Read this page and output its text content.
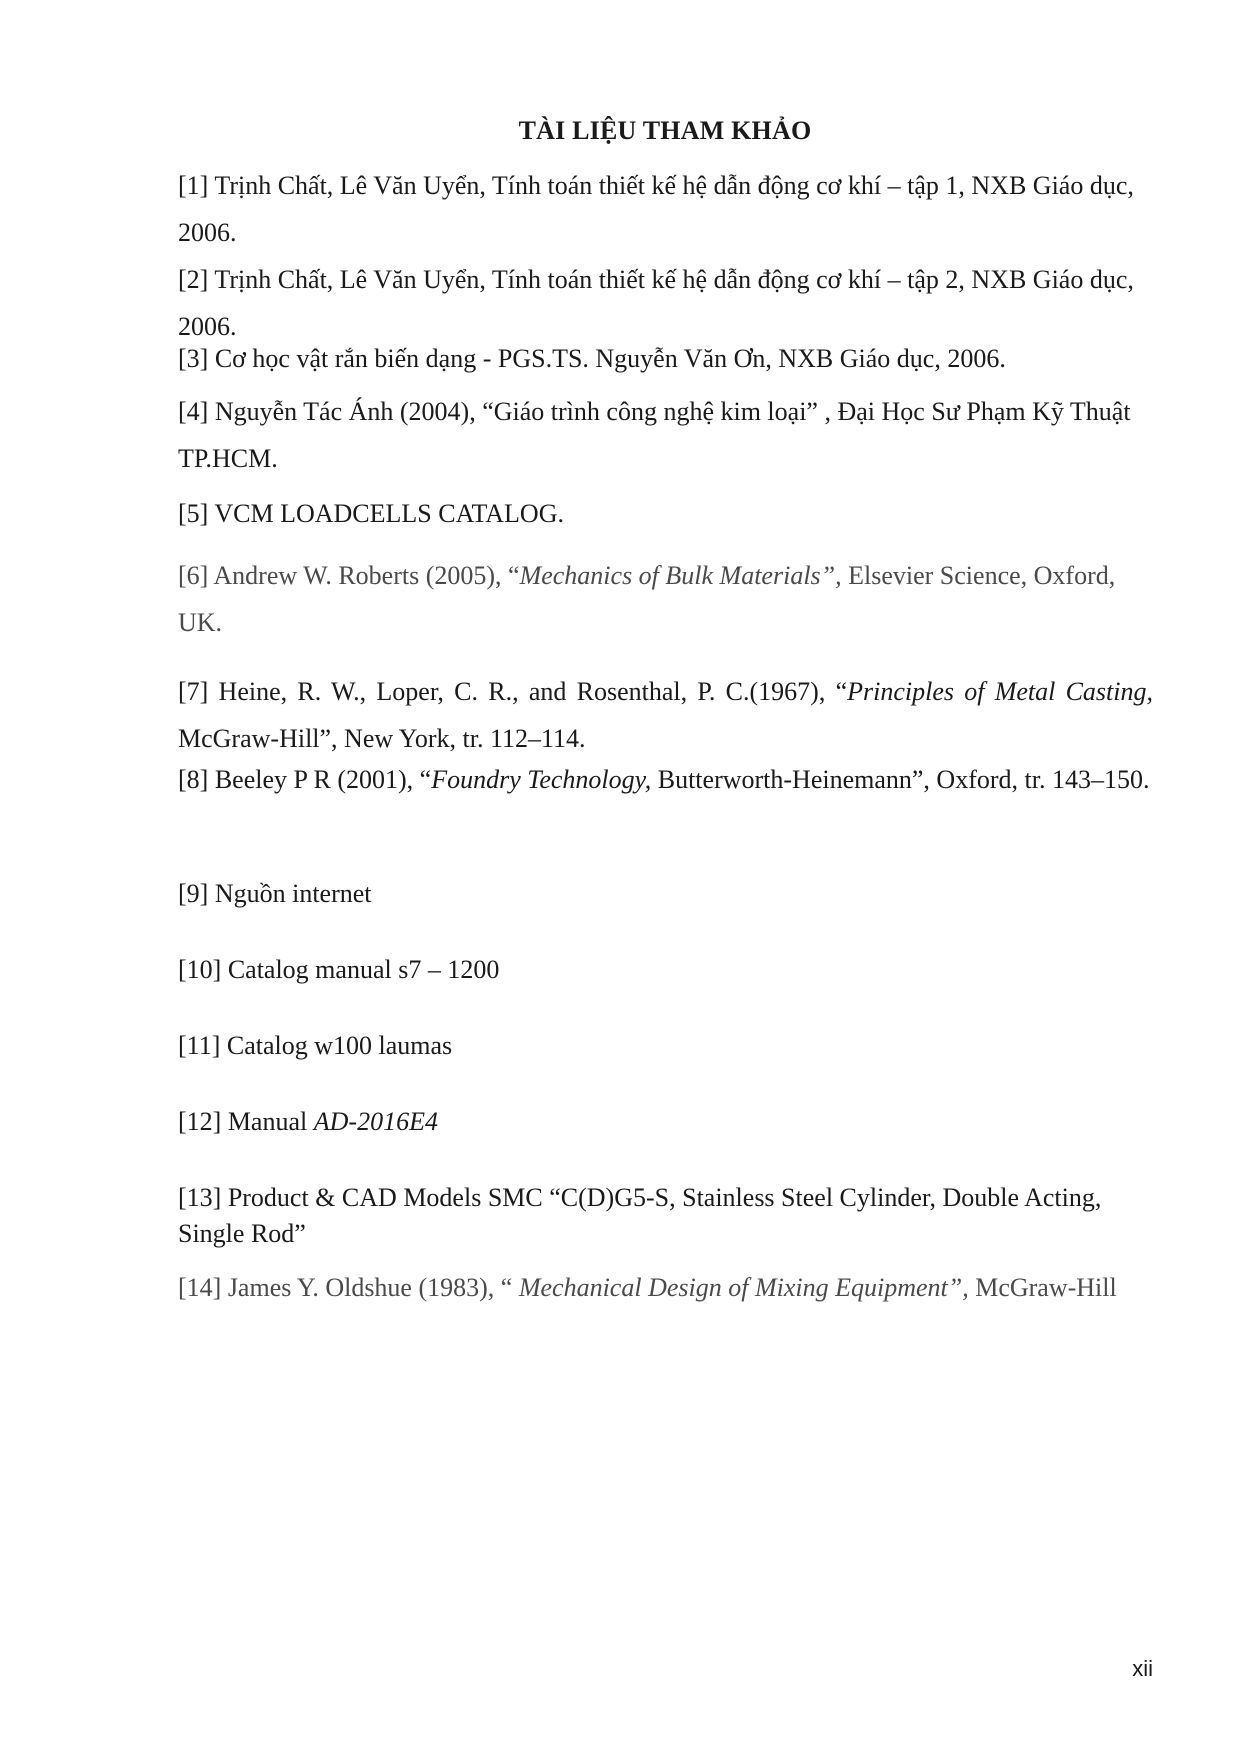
TÀI LIỆU THAM KHẢO
[1] Trịnh Chất, Lê Văn Uyển, Tính toán thiết kế hệ dẫn động cơ khí – tập 1, NXB Giáo dục, 2006.
[2] Trịnh Chất, Lê Văn Uyển, Tính toán thiết kế hệ dẫn động cơ khí – tập 2, NXB Giáo dục, 2006.
[3] Cơ học vật rắn biến dạng - PGS.TS. Nguyễn Văn Ơn, NXB Giáo dục, 2006.
[4] Nguyễn Tác Ánh (2004), “Giáo trình công nghệ kim loại” , Đại Học Sư Phạm Kỹ Thuật TP.HCM.
[5] VCM LOADCELLS CATALOG.
[6] Andrew W. Roberts (2005), “Mechanics of Bulk Materials”, Elsevier Science, Oxford, UK.
[7] Heine, R. W., Loper, C. R., and Rosenthal, P. C.(1967), “Principles of Metal Casting, McGraw-Hill”, New York, tr. 112–114.
[8] Beeley P R (2001), “Foundry Technology, Butterworth-Heinemann”, Oxford, tr. 143–150.
[9] Nguồn internet
[10] Catalog manual s7 – 1200
[11] Catalog w100 laumas
[12] Manual AD-2016E4
[13] Product & CAD Models SMC “C(D)G5-S, Stainless Steel Cylinder, Double Acting, Single Rod”
[14] James Y. Oldshue (1983), “ Mechanical Design of Mixing Equipment”, McGraw-Hill
xii
